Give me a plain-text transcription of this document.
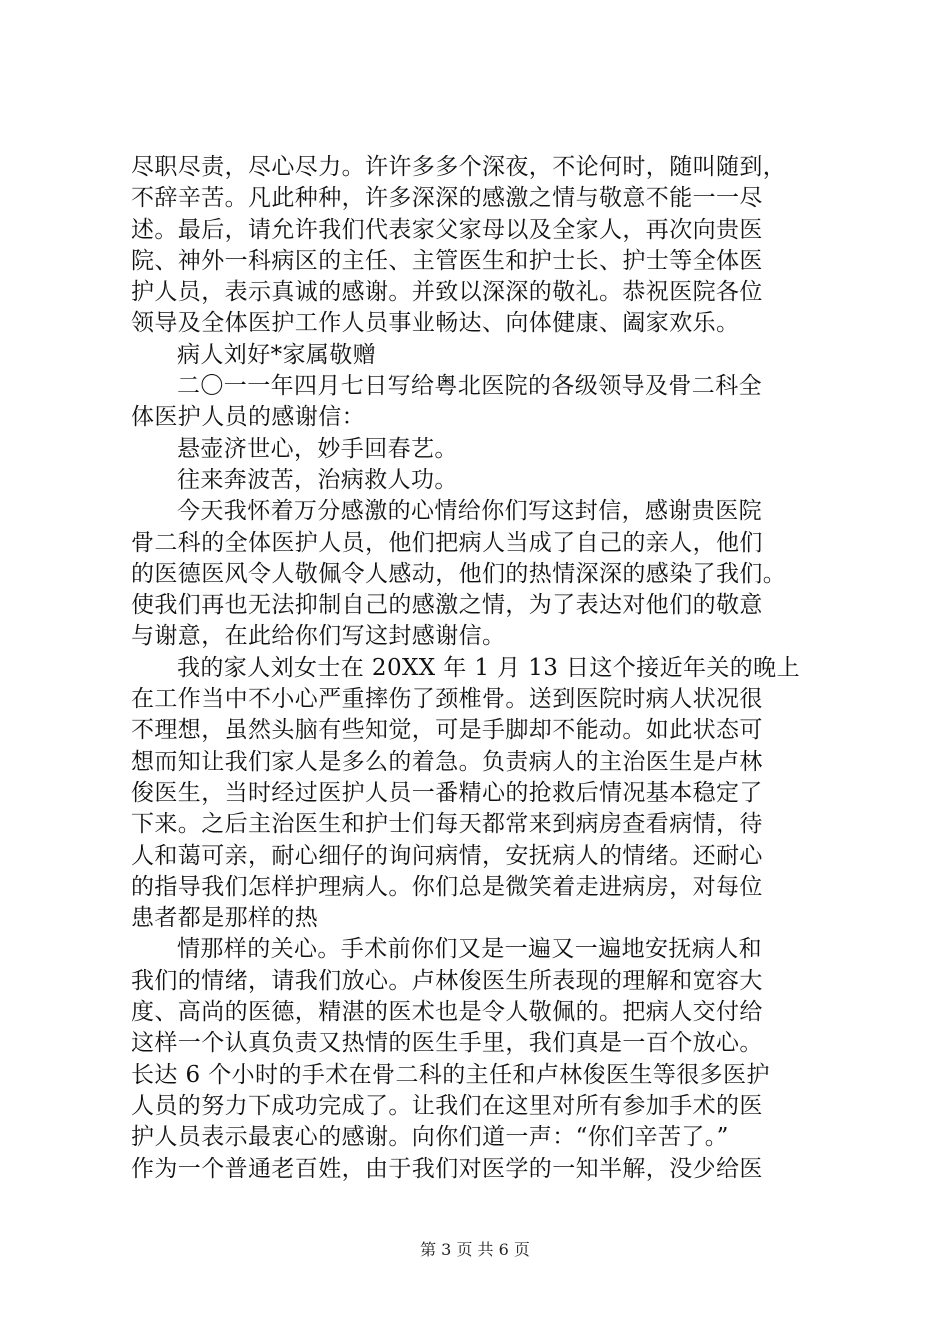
尽职尽责，尽心尽力。许许多多个深夜，不论何时，随叫随到，
不辞辛苦。凡此种种，许多深深的感激之情与敬意不能一一尽
述。最后，请允许我们代表家父家母以及全家人，再次向贵医
院、神外一科病区的主任、主管医生和护士长、护士等全体医
护人员，表示真诚的感谢。并致以深深的敬礼。恭祝医院各位
领导及全体医护工作人员事业畅达、向体健康、阖家欢乐。
病人刘好*家属敬赠
二〇一一年四月七日写给粤北医院的各级领导及骨二科全
体医护人员的感谢信：
悬壶济世心，妙手回春艺。
往来奔波苦，治病救人功。
今天我怀着万分感激的心情给你们写这封信，感谢贵医院
骨二科的全体医护人员，他们把病人当成了自己的亲人，他们
的医德医风令人敬佩令人感动，他们的热情深深的感染了我们。
使我们再也无法抑制自己的感激之情，为了表达对他们的敬意
与谢意，在此给你们写这封感谢信。
我的家人刘女士在 20XX 年 1 月 13 日这个接近年关的晚上
在工作当中不小心严重摔伤了颈椎骨。送到医院时病人状况很
不理想，虽然头脑有些知觉，可是手脚却不能动。如此状态可
想而知让我们家人是多么的着急。负责病人的主治医生是卢林
俊医生，当时经过医护人员一番精心的抢救后情况基本稳定了
下来。之后主治医生和护士们每天都常来到病房查看病情，待
人和蔼可亲，耐心细仔的询问病情，安抚病人的情绪。还耐心
的指导我们怎样护理病人。你们总是微笑着走进病房，对每位
患者都是那样的热
情那样的关心。手术前你们又是一遍又一遍地安抚病人和
我们的情绪，请我们放心。卢林俊医生所表现的理解和宽容大
度、高尚的医德，精湛的医术也是令人敬佩的。把病人交付给
这样一个认真负责又热情的医生手里，我们真是一百个放心。
长达 6 个小时的手术在骨二科的主任和卢林俊医生等很多医护
人员的努力下成功完成了。让我们在这里对所有参加手术的医
护人员表示最衷心的感谢。向你们道一声：“你们辛苦了。”
作为一个普通老百姓，由于我们对医学的一知半解，没少给医
第 3 页 共 6 页
